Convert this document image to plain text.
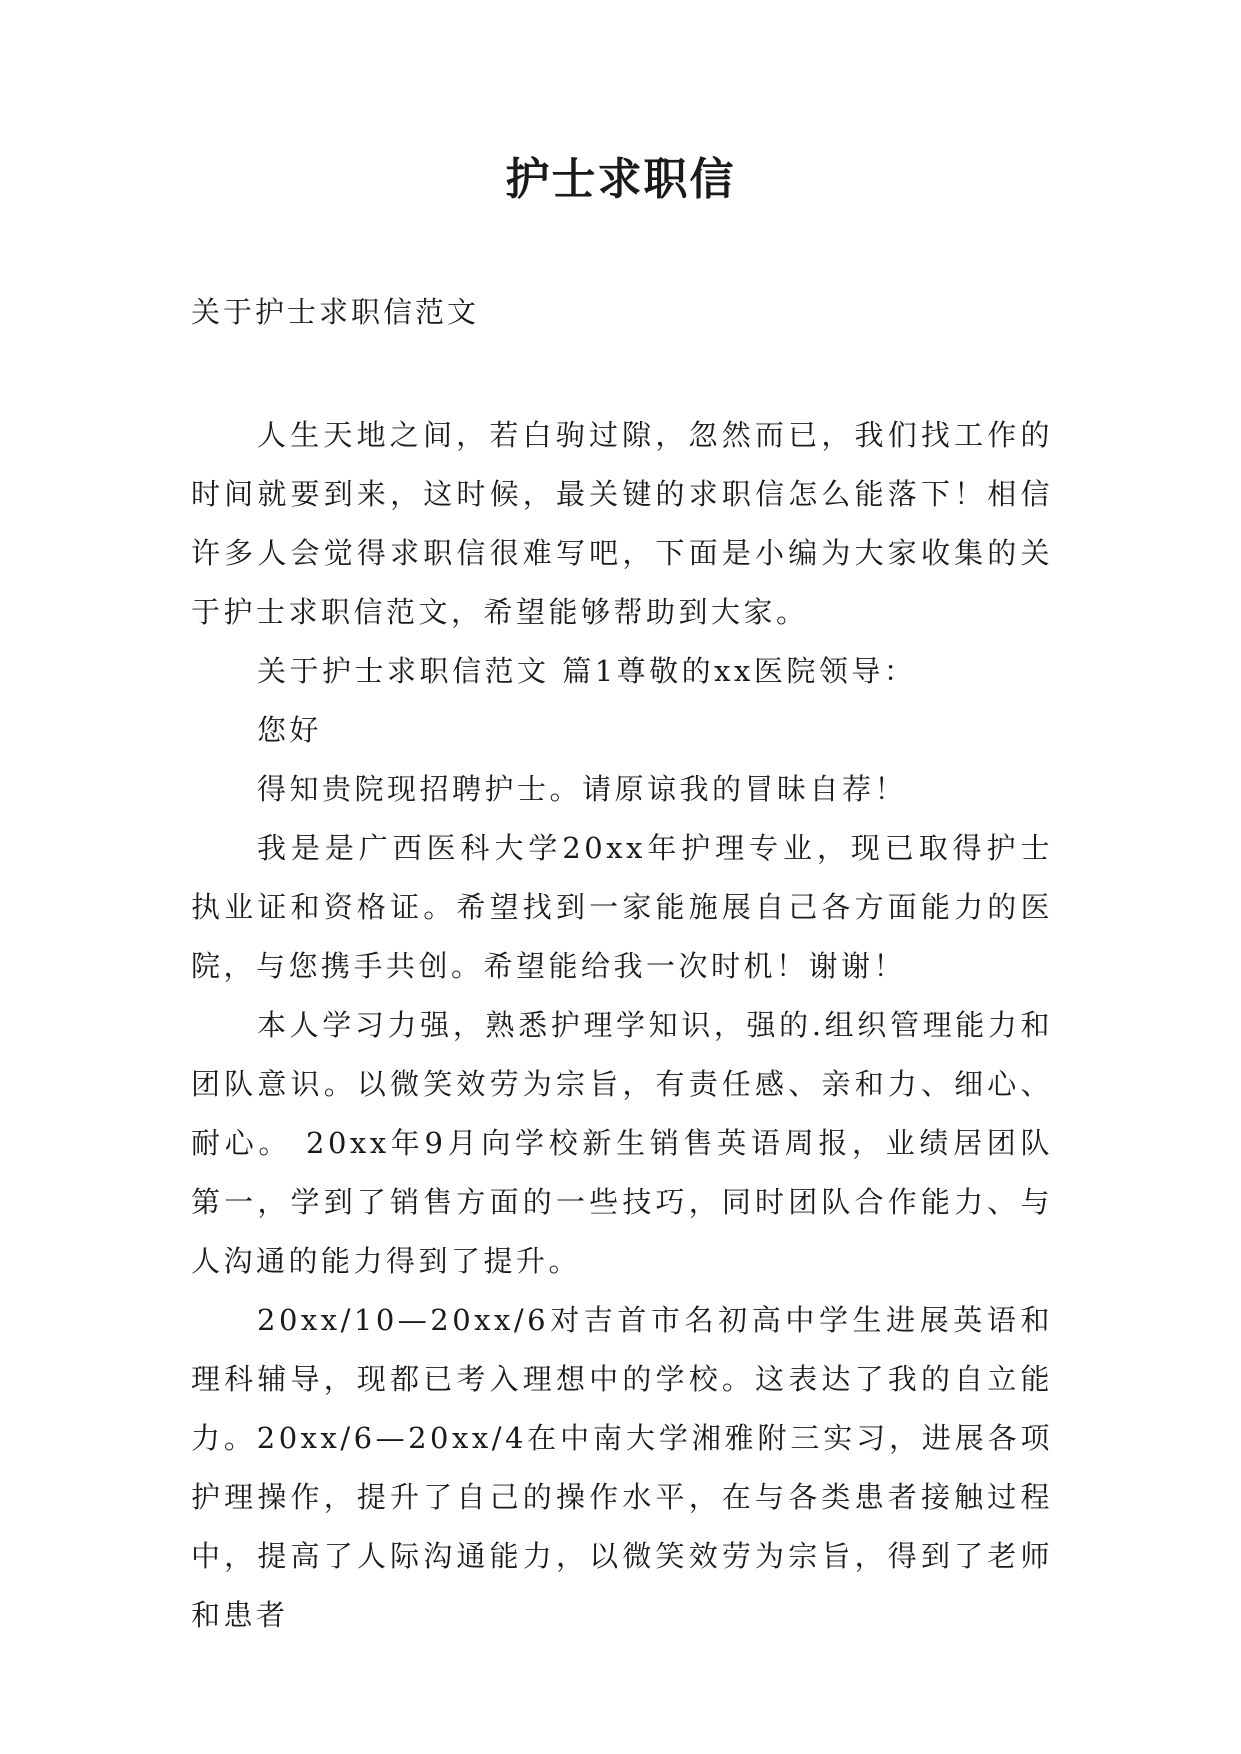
护士求职信

关于护士求职信范文

人生天地之间，若白驹过隙，忽然而已，我们找工作的时间就要到来，这时候，最关键的求职信怎么能落下！相信许多人会觉得求职信很难写吧，下面是小编为大家收集的关于护士求职信范文，希望能够帮助到大家。

关于护士求职信范文 篇1尊敬的xx医院领导：

您好

得知贵院现招聘护士。请原谅我的冒昧自荐！

我是是广西医科大学20xx年护理专业，现已取得护士执业证和资格证。希望找到一家能施展自己各方面能力的医院，与您携手共创。希望能给我一次时机！谢谢！

本人学习力强，熟悉护理学知识，强的.组织管理能力和团队意识。以微笑效劳为宗旨，有责任感、亲和力、细心、耐心。 20xx年9月向学校新生销售英语周报，业绩居团队第一，学到了销售方面的一些技巧，同时团队合作能力、与人沟通的能力得到了提升。

20xx/10—20xx/6对吉首市名初高中学生进展英语和理科辅导，现都已考入理想中的学校。这表达了我的自立能力。20xx/6—20xx/4在中南大学湘雅附三实习，进展各项护理操作，提升了自己的操作水平，在与各类患者接触过程中，提高了人际沟通能力，以微笑效劳为宗旨，得到了老师和患者
